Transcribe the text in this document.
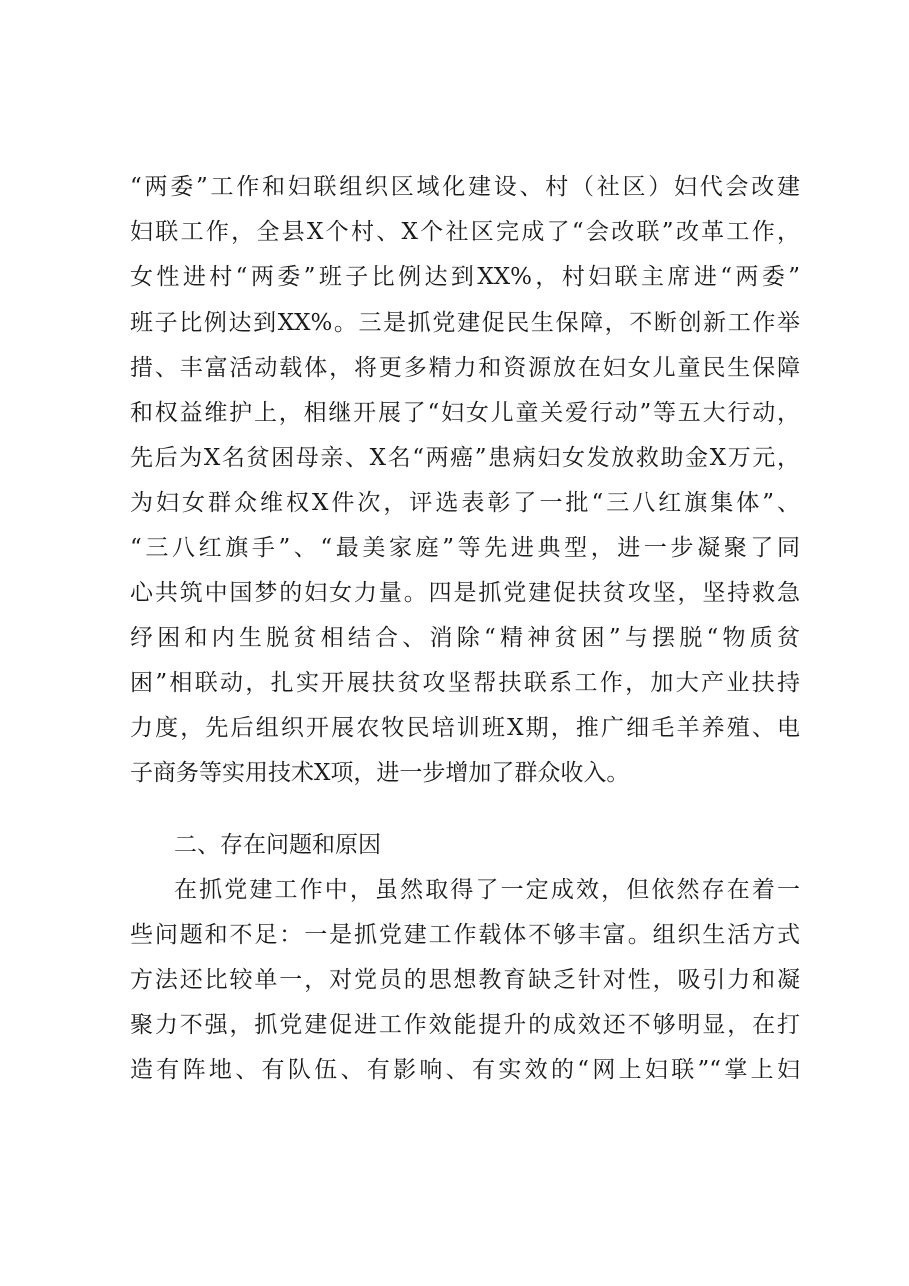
“两委”工作和妇联组织区域化建设、村（社区）妇代会改建
妇联工作，全县X个村、X个社区完成了“会改联”改革工作，
女性进村“两委”班子比例达到XX%，村妇联主席进“两委”
班子比例达到XX%。三是抓党建促民生保障，不断创新工作举
措、丰富活动载体，将更多精力和资源放在妇女儿童民生保障
和权益维护上，相继开展了“妇女儿童关爱行动”等五大行动，
先后为X名贫困母亲、X名“两癌”患病妇女发放救助金X万元，
为妇女群众维权X件次，评选表彰了一批“三八红旗集体”、
“三八红旗手”、“最美家庭”等先进典型，进一步凝聚了同
心共筑中国梦的妇女力量。四是抓党建促扶贫攻坚，坚持救急
纾困和内生脱贫相结合、消除“精神贫困”与摆脱“物质贫
困”相联动，扎实开展扶贫攻坚帮扶联系工作，加大产业扶持
力度，先后组织开展农牧民培训班X期，推广细毛羊养殖、电
子商务等实用技术X项，进一步增加了群众收入。
二、存在问题和原因
在抓党建工作中，虽然取得了一定成效，但依然存在着一
些问题和不足：一是抓党建工作载体不够丰富。组织生活方式
方法还比较单一，对党员的思想教育缺乏针对性，吸引力和凝
聚力不强，抓党建促进工作效能提升的成效还不够明显，在打
造有阵地、有队伍、有影响、有实效的“网上妇联”“掌上妇
